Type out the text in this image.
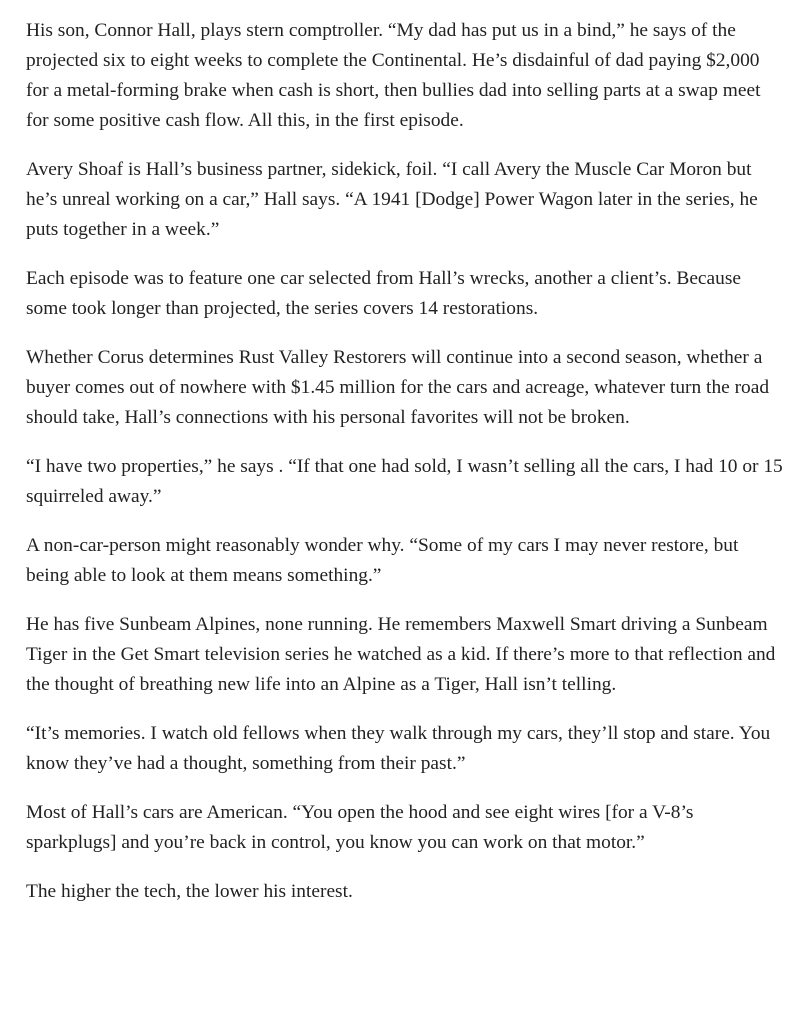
His son, Connor Hall, plays stern comptroller. “My dad has put us in a bind,” he says of the projected six to eight weeks to complete the Continental. He’s disdainful of dad paying $2,000 for a metal-forming brake when cash is short, then bullies dad into selling parts at a swap meet for some positive cash flow. All this, in the first episode.

Avery Shoaf is Hall’s business partner, sidekick, foil. “I call Avery the Muscle Car Moron but he’s unreal working on a car,” Hall says. “A 1941 [Dodge] Power Wagon later in the series, he puts together in a week.”

Each episode was to feature one car selected from Hall’s wrecks, another a client’s. Because some took longer than projected, the series covers 14 restorations.

Whether Corus determines Rust Valley Restorers will continue into a second season, whether a buyer comes out of nowhere with $1.45 million for the cars and acreage, whatever turn the road should take, Hall’s connections with his personal favorites will not be broken.

“I have two properties,” he says . “If that one had sold, I wasn’t selling all the cars, I had 10 or 15 squirreled away.”

A non-car-person might reasonably wonder why. “Some of my cars I may never restore, but being able to look at them means something.”

He has five Sunbeam Alpines, none running. He remembers Maxwell Smart driving a Sunbeam Tiger in the Get Smart television series he watched as a kid. If there’s more to that reflection and the thought of breathing new life into an Alpine as a Tiger, Hall isn’t telling.

“It’s memories. I watch old fellows when they walk through my cars, they’ll stop and stare. You know they’ve had a thought, something from their past.”

Most of Hall’s cars are American. “You open the hood and see eight wires [for a V-8’s sparkplugs] and you’re back in control, you know you can work on that motor.”

The higher the tech, the lower his interest.
